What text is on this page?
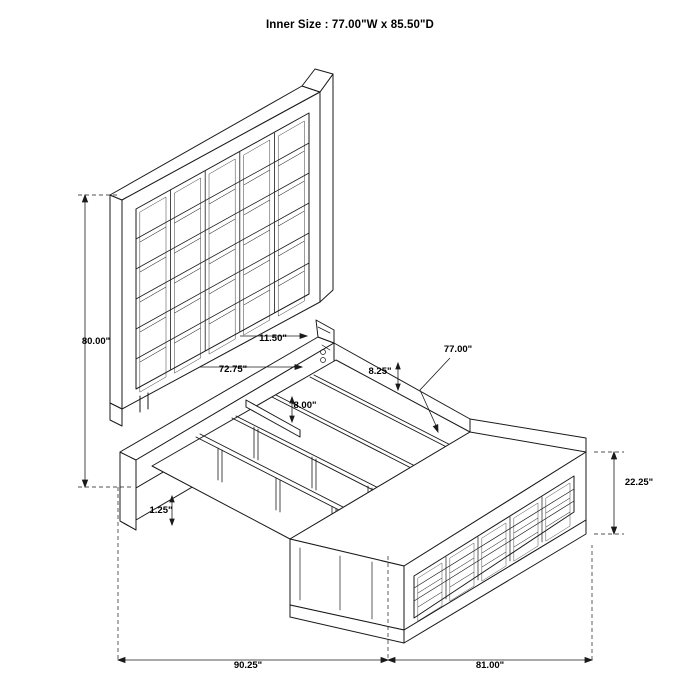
Inner Size : 77.00"W x 85.50"D
80.00"	11.50"
72.75"
77.00"
8.25"
8.00"
22.25"
1.25"
90.25"	81.00"
